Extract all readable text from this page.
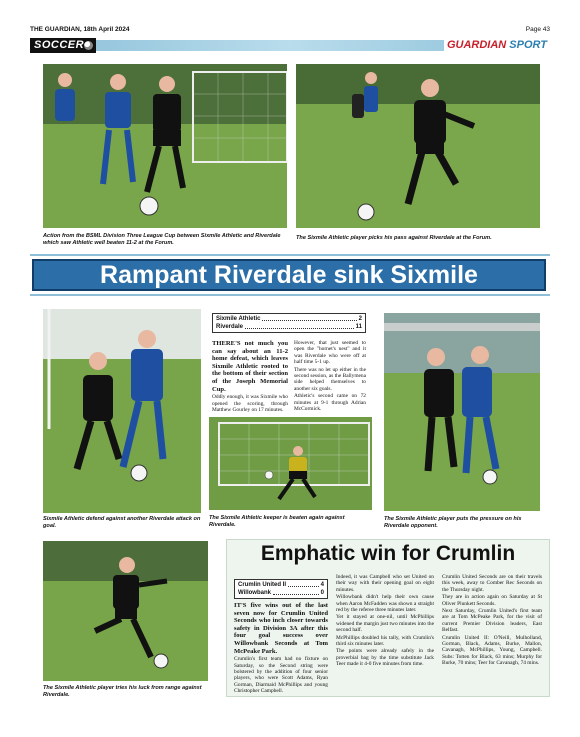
THE GUARDIAN, 18th April 2024	Page 43
SOCCER	GUARDIAN SPORT
Action from the BSML Division Three League Cup between Sixmile Athletic and Riverdale which saw Athletic well beaten 11-2 at the Forum.
The Sixmile Athletic player picks his pass against Riverdale at the Forum.
Rampant Riverdale sink Sixmile
Sixmile Athletic defend against another Riverdale attack on goal.
Sixmile Athletic	2
Riverdale	11

THERE'S not much you can say about an 11-2 home defeat, which leaves Sixmile Athletic rooted to the bottom of their section of the Joseph Memorial Cup.

Oddly enough, it was Sixmile who opened the scoring, through Matthew Gourley on 17 minutes.

However, that just seemed to open the "hornet's nest" and it was Riverdale who were off at half time 5-1 up.

There was no let up either in the second session, as the Ballymena side helped themselves to another six goals.

Athletic's second came on 72 minutes at 9-1 through Adrian McCormick.

The Sixmile Athletic keeper is beaten again against Riverdale.
The Sixmile Athletic player puts the pressure on his Riverdale opponent.
The Sixmile Athletic player tries his luck from range against Riverdale.
Emphatic win for Crumlin
Crumlin United II	4
Willowbank	0

IT'S five wins out of the last seven now for Crumlin United Seconds who inch closer towards safety in Division 3A after this four goal success over Willowbank Seconds at Tom McPeake Park.

Crumlin's first team had no fixture on Saturday, so the Second string were bolstered by the addition of four senior players, who were Scott Adams, Ryan Gorman, Diarmaid McPhillips and young Christopher Campbell.

Indeed, it was Campbell who set United on their way with their opening goal on eight minutes.

Willowbank didn't help their own cause when Aaron McFadden was shown a straight red by the referee three minutes later.

Yet it stayed at one-nil, until McPhillips widened the margin just two minutes into the second half.

McPhillips doubled his tally, with Crumlin's third six minutes later.

The points were already safely in the proverbial bag by the time substitute Jack Teer made it 4-0 five minutes from time.

Crumlin United Seconds are on their travels this week, away to Comber Rec Seconds on the Thursday night.

They are in action again on Saturday at St Oliver Plunkett Seconds.

Next Saturday, Crumlin United's first team are at Tom McPeake Park, for the visit of current Premier Division leaders, East Belfast.

Crumlin United II: O'Neill, Mulholland, Gorman, Black, Adams, Burke, Mallon, Cavanagh, McPhillips, Young, Campbell. Subs: Totten for Black, 63 mins; Murphy for Burke, 70 mins; Teer for Cavanagh, 74 mins.
